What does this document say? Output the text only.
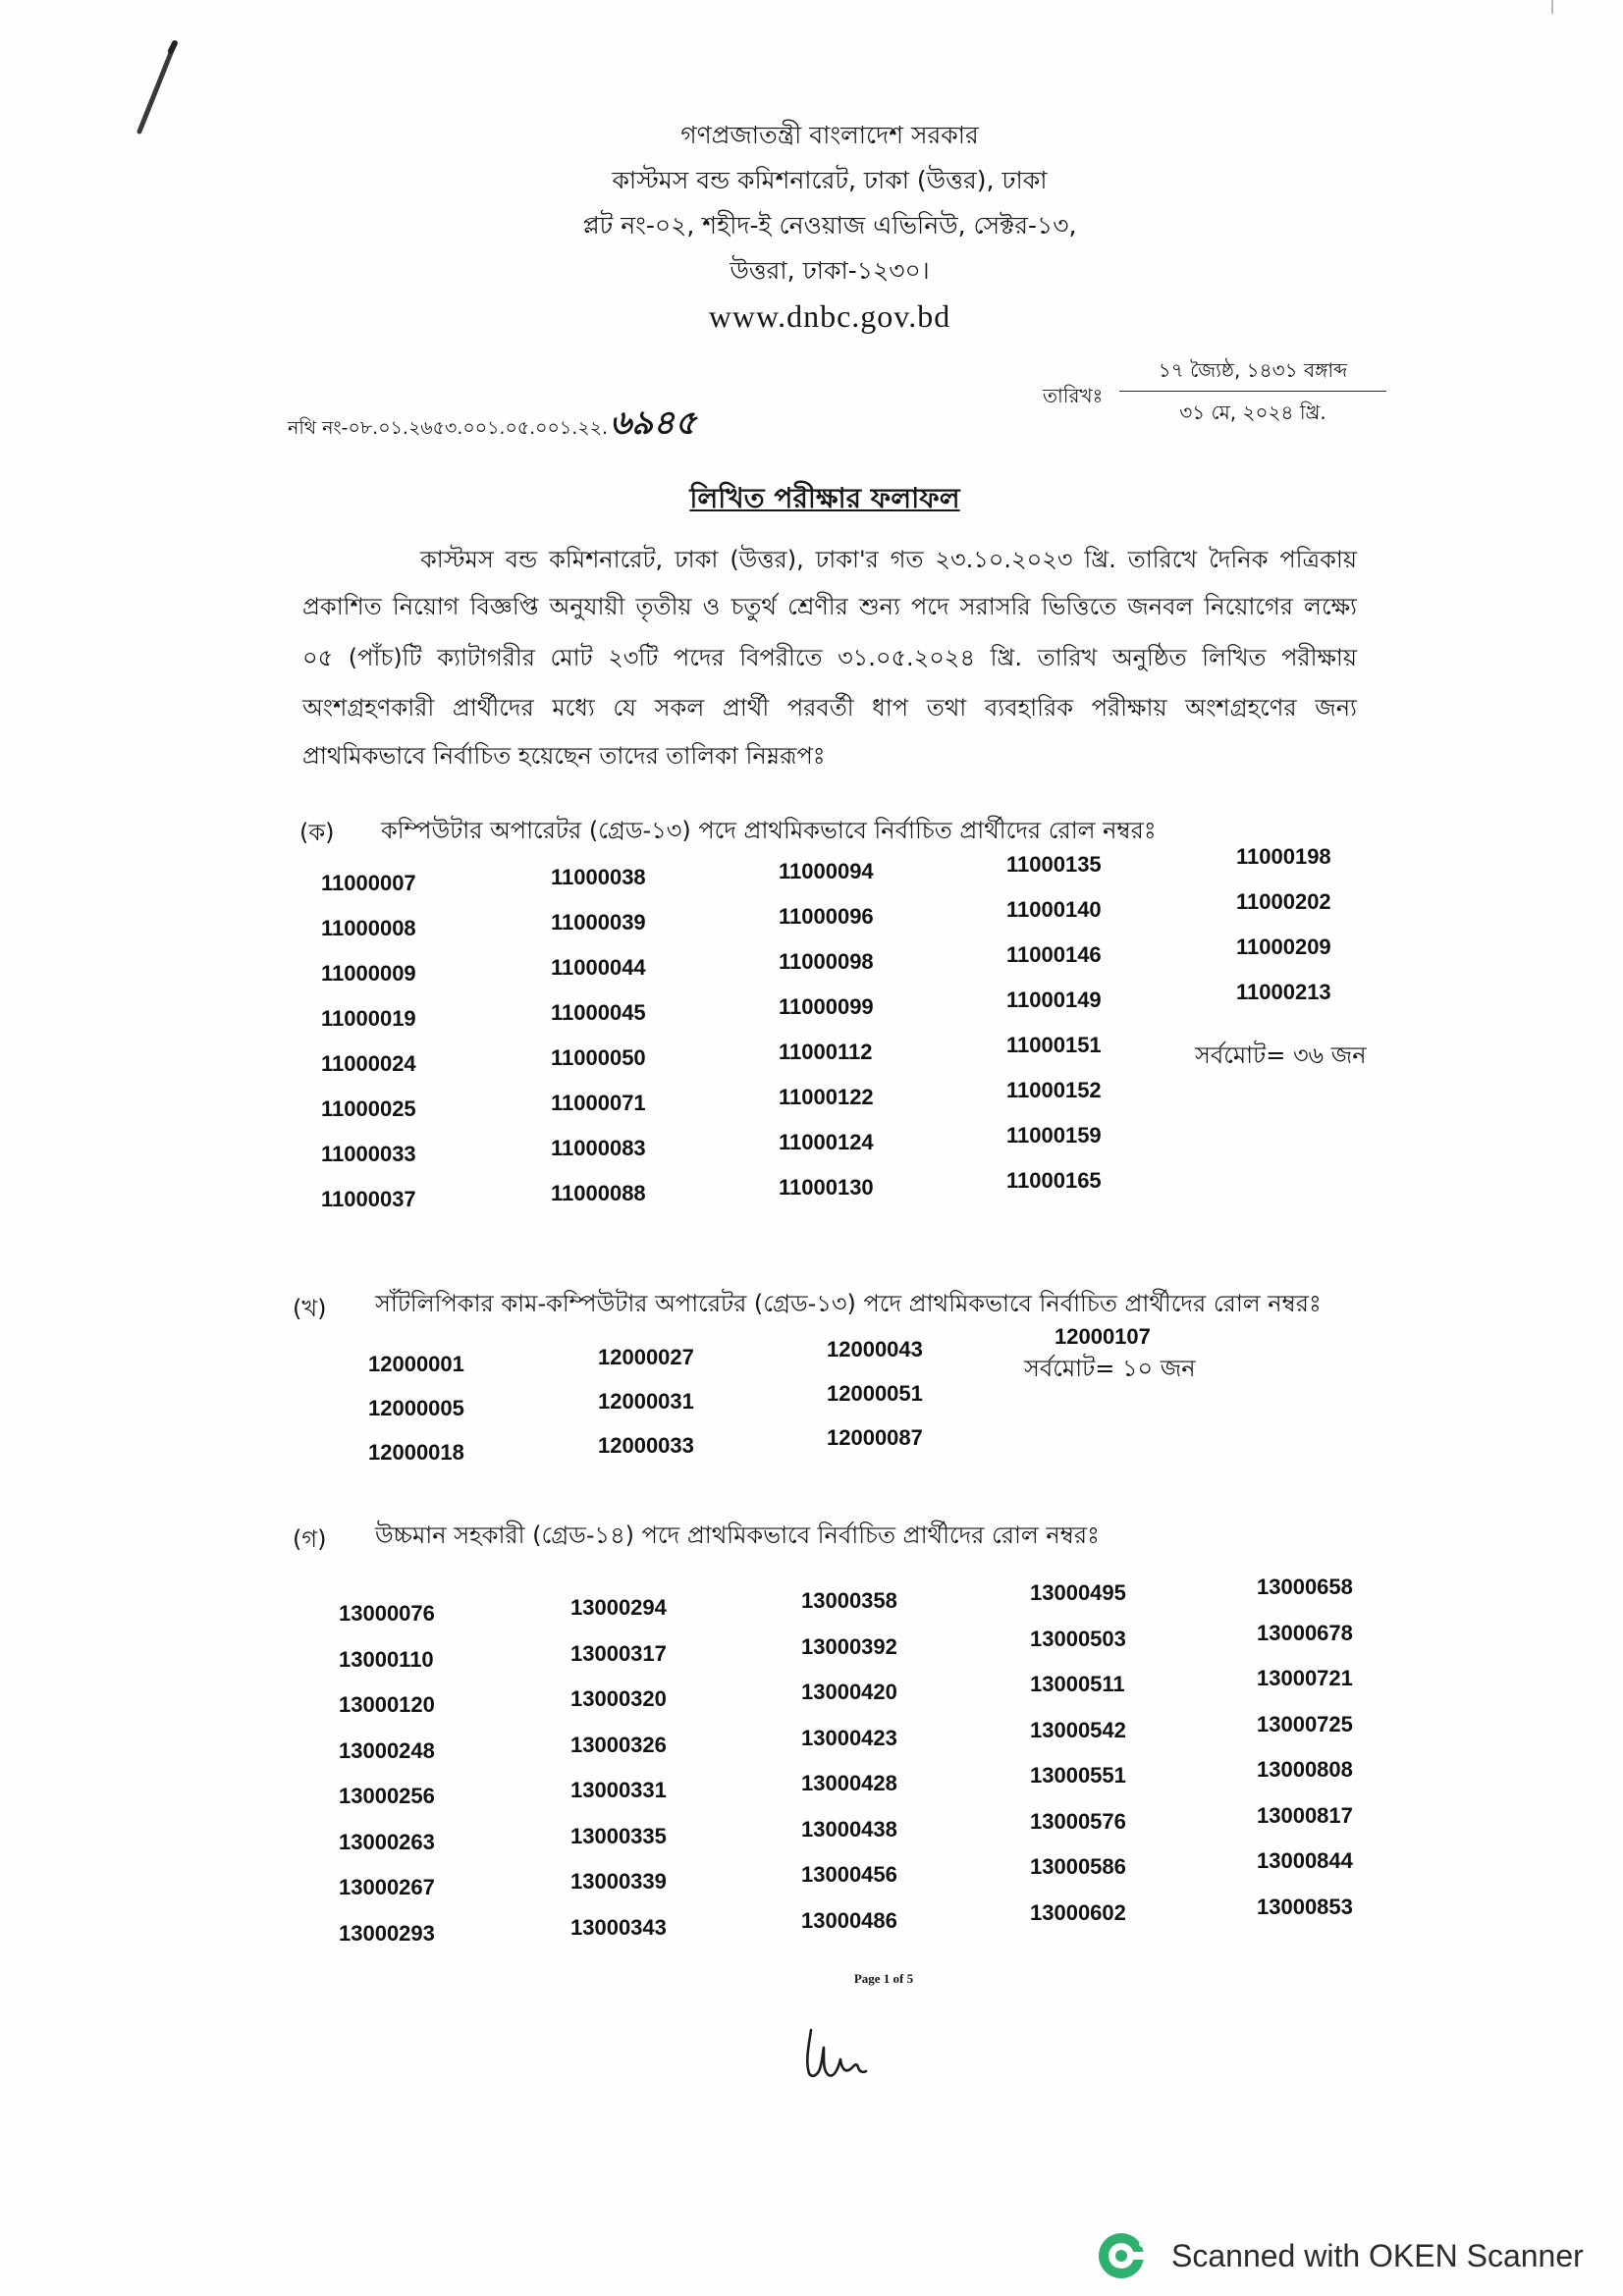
গণপ্রজাতন্ত্রী বাংলাদেশ সরকার
কাস্টমস বন্ড কমিশনারেট, ঢাকা (উত্তর), ঢাকা
প্লট নং-০২, শহীদ-ই নেওয়াজ এভিনিউ, সেক্টর-১৩,
উত্তরা, ঢাকা-১২৩০।
www.dnbc.gov.bd
নথি নং-০৮.০১.২৬৫৩.০০১.০৫.০০১.২২.৬৯৪৫
তারিখঃ
১৭ জ্যৈষ্ঠ, ১৪৩১ বঙ্গাব্দ
৩১ মে, ২০২৪ খ্রি.
লিখিত পরীক্ষার ফলাফল
কাস্টমস বন্ড কমিশনারেট, ঢাকা (উত্তর), ঢাকা'র গত ২৩.১০.২০২৩ খ্রি. তারিখে দৈনিক পত্রিকায়
প্রকাশিত নিয়োগ বিজ্ঞপ্তি অনুযায়ী তৃতীয় ও চতুর্থ শ্রেণীর শুন্য পদে সরাসরি ভিত্তিতে জনবল নিয়োগের লক্ষ্যে
০৫ (পাঁচ)টি ক্যাটাগরীর মোট ২৩টি পদের বিপরীতে ৩১.০৫.২০২৪ খ্রি. তারিখ অনুষ্ঠিত লিখিত পরীক্ষায়
অংশগ্রহণকারী প্রার্থীদের মধ্যে যে সকল প্রার্থী পরবর্তী ধাপ তথা ব্যবহারিক পরীক্ষায় অংশগ্রহণের জন্য
প্রাথমিকভাবে নির্বাচিত হয়েছেন তাদের তালিকা নিম্নরূপঃ
(ক) কম্পিউটার অপারেটর (গ্রেড-১৩) পদে প্রাথমিকভাবে নির্বাচিত প্রার্থীদের রোল নম্বরঃ
11000007
11000008
11000009
11000019
11000024
11000025
11000033
11000037
11000038
11000039
11000044
11000045
11000050
11000071
11000083
11000088
11000094
11000096
11000098
11000099
11000112
11000122
11000124
11000130
11000135
11000140
11000146
11000149
11000151
11000152
11000159
11000165
11000198
11000202
11000209
11000213
সর্বমোট= ৩৬ জন
(খ) সাঁটলিপিকার কাম-কম্পিউটার অপারেটর (গ্রেড-১৩) পদে প্রাথমিকভাবে নির্বাচিত প্রার্থীদের রোল নম্বরঃ
12000001
12000005
12000018
12000027
12000031
12000033
12000043
12000051
12000087
12000107
সর্বমোট= ১০ জন
(গ) উচ্চমান সহকারী (গ্রেড-১৪) পদে প্রাথমিকভাবে নির্বাচিত প্রার্থীদের রোল নম্বরঃ
13000076
13000110
13000120
13000248
13000256
13000263
13000267
13000293
13000294
13000317
13000320
13000326
13000331
13000335
13000339
13000343
13000358
13000392
13000420
13000423
13000428
13000438
13000456
13000486
13000495
13000503
13000511
13000542
13000551
13000576
13000586
13000602
13000658
13000678
13000721
13000725
13000808
13000817
13000844
13000853
Page 1 of 5
Scanned with OKEN Scanner
